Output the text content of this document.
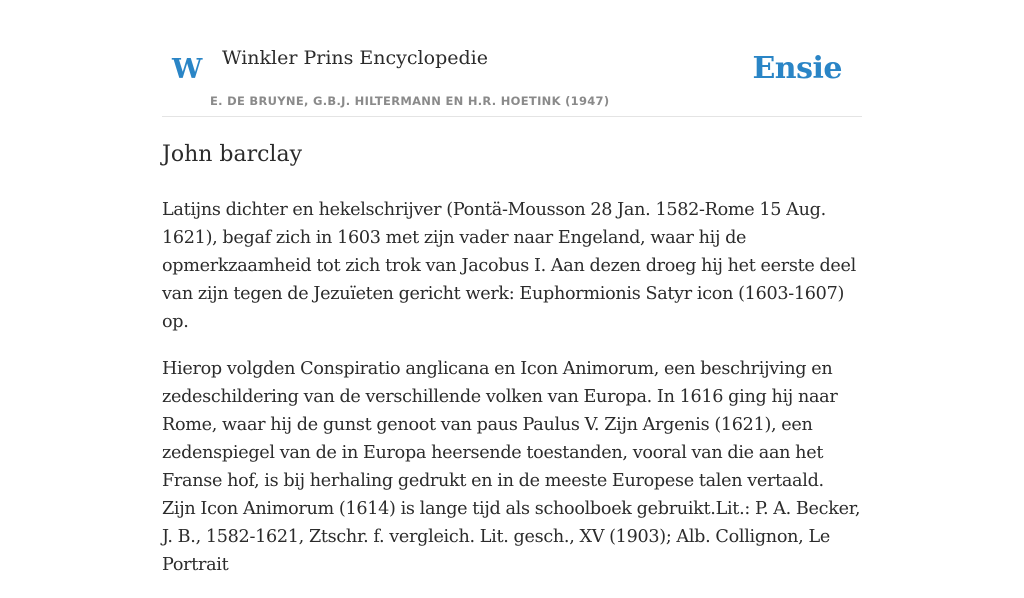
W Winkler Prins Encyclopedie
E. DE BRUYNE, G.B.J. HILTERMANN EN H.R. HOETINK (1947)
Ensie
John barclay

Latijns dichter en hekelschrijver (Pontä-Mousson 28 Jan. 1582-Rome 15 Aug. 1621), begaf zich in 1603 met zijn vader naar Engeland, waar hij de opmerkzaamheid tot zich trok van Jacobus I. Aan dezen droeg hij het eerste deel van zijn tegen de Jezuïeten gericht werk: Euphormionis Satyr icon (1603-1607) op.

Hierop volgden Conspiratio anglicana en Icon Animorum, een beschrijving en zedeschildering van de verschillende volken van Europa. In 1616 ging hij naar Rome, waar hij de gunst genoot van paus Paulus V. Zijn Argenis (1621), een zedenspiegel van de in Europa heersende toestanden, vooral van die aan het Franse hof, is bij herhaling gedrukt en in de meeste Europese talen vertaald. Zijn Icon Animorum (1614) is lange tijd als schoolboek gebruikt.Lit.: P. A. Becker, J. B., 1582-1621, Ztschr. f. vergleich. Lit. gesch., XV (1903); Alb. Collignon, Le Portrait
